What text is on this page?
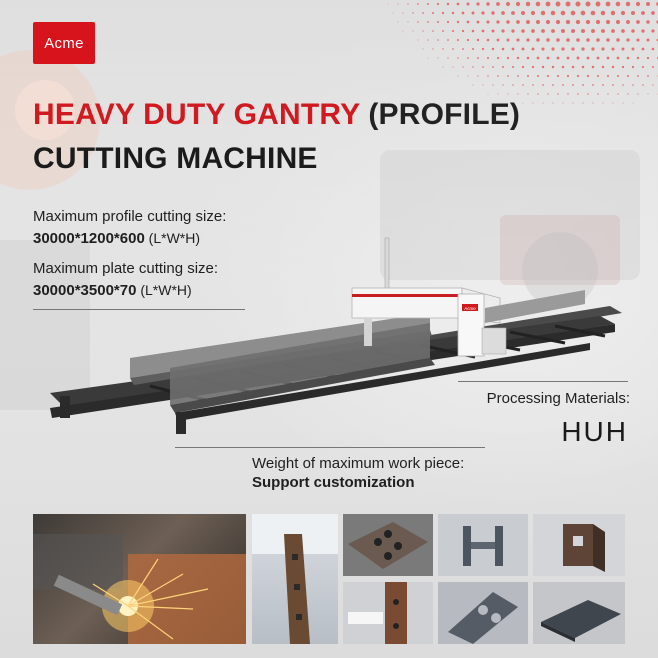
Acme
HEAVY DUTY GANTRY (PROFILE)
CUTTING MACHINE
Maximum profile cutting size:
30000*1200*600 (L*W*H)
Maximum plate cutting size:
30000*3500*70 (L*W*H)
Acme
Processing Materials:
HUH
Weight of maximum work piece:
Support customization
